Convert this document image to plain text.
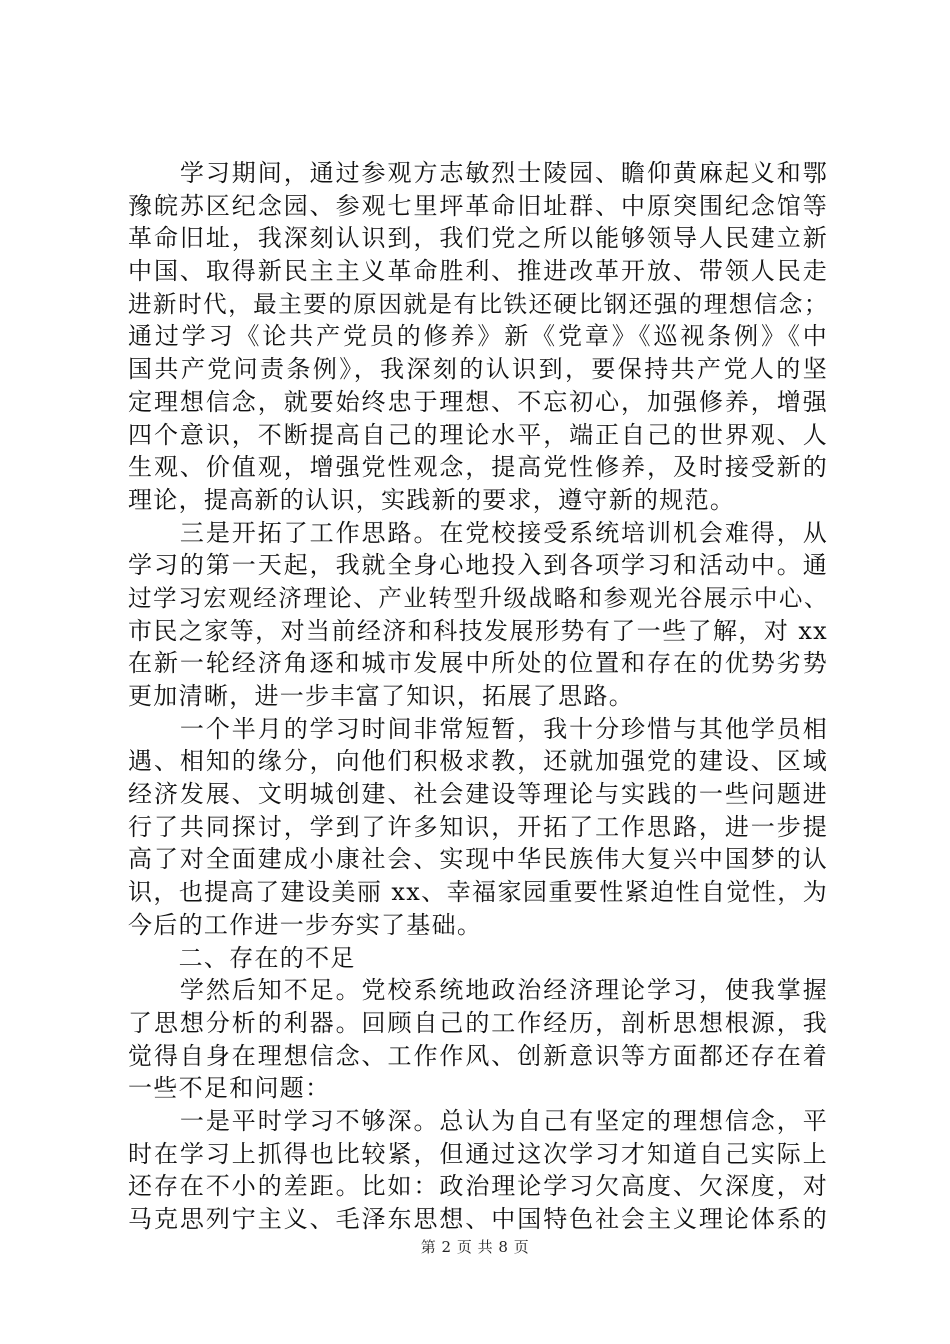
　　学习期间，通过参观方志敏烈士陵园、瞻仰黄麻起义和鄂
豫皖苏区纪念园、参观七里坪革命旧址群、中原突围纪念馆等
革命旧址，我深刻认识到，我们党之所以能够领导人民建立新
中国、取得新民主主义革命胜利、推进改革开放、带领人民走
进新时代，最主要的原因就是有比铁还硬比钢还强的理想信念；
通过学习《论共产党员的修养》新《党章》《巡视条例》《中
国共产党问责条例》，我深刻的认识到，要保持共产党人的坚
定理想信念，就要始终忠于理想、不忘初心，加强修养，增强
四个意识，不断提高自己的理论水平，端正自己的世界观、人
生观、价值观，增强党性观念，提高党性修养，及时接受新的
理论，提高新的认识，实践新的要求，遵守新的规范。
　　三是开拓了工作思路。在党校接受系统培训机会难得，从
学习的第一天起，我就全身心地投入到各项学习和活动中。通
过学习宏观经济理论、产业转型升级战略和参观光谷展示中心、
市民之家等，对当前经济和科技发展形势有了一些了解，对 xx
在新一轮经济角逐和城市发展中所处的位置和存在的优势劣势
更加清晰，进一步丰富了知识，拓展了思路。
　　一个半月的学习时间非常短暂，我十分珍惜与其他学员相
遇、相知的缘分，向他们积极求教，还就加强党的建设、区域
经济发展、文明城创建、社会建设等理论与实践的一些问题进
行了共同探讨，学到了许多知识，开拓了工作思路，进一步提
高了对全面建成小康社会、实现中华民族伟大复兴中国梦的认
识，也提高了建设美丽 xx、幸福家园重要性紧迫性自觉性，为
今后的工作进一步夯实了基础。
　　二、存在的不足
　　学然后知不足。党校系统地政治经济理论学习，使我掌握
了思想分析的利器。回顾自己的工作经历，剖析思想根源，我
觉得自身在理想信念、工作作风、创新意识等方面都还存在着
一些不足和问题：
　　一是平时学习不够深。总认为自己有坚定的理想信念，平
时在学习上抓得也比较紧，但通过这次学习才知道自己实际上
还存在不小的差距。比如：政治理论学习欠高度、欠深度，对
马克思列宁主义、毛泽东思想、中国特色社会主义理论体系的
第 2 页 共 8 页
